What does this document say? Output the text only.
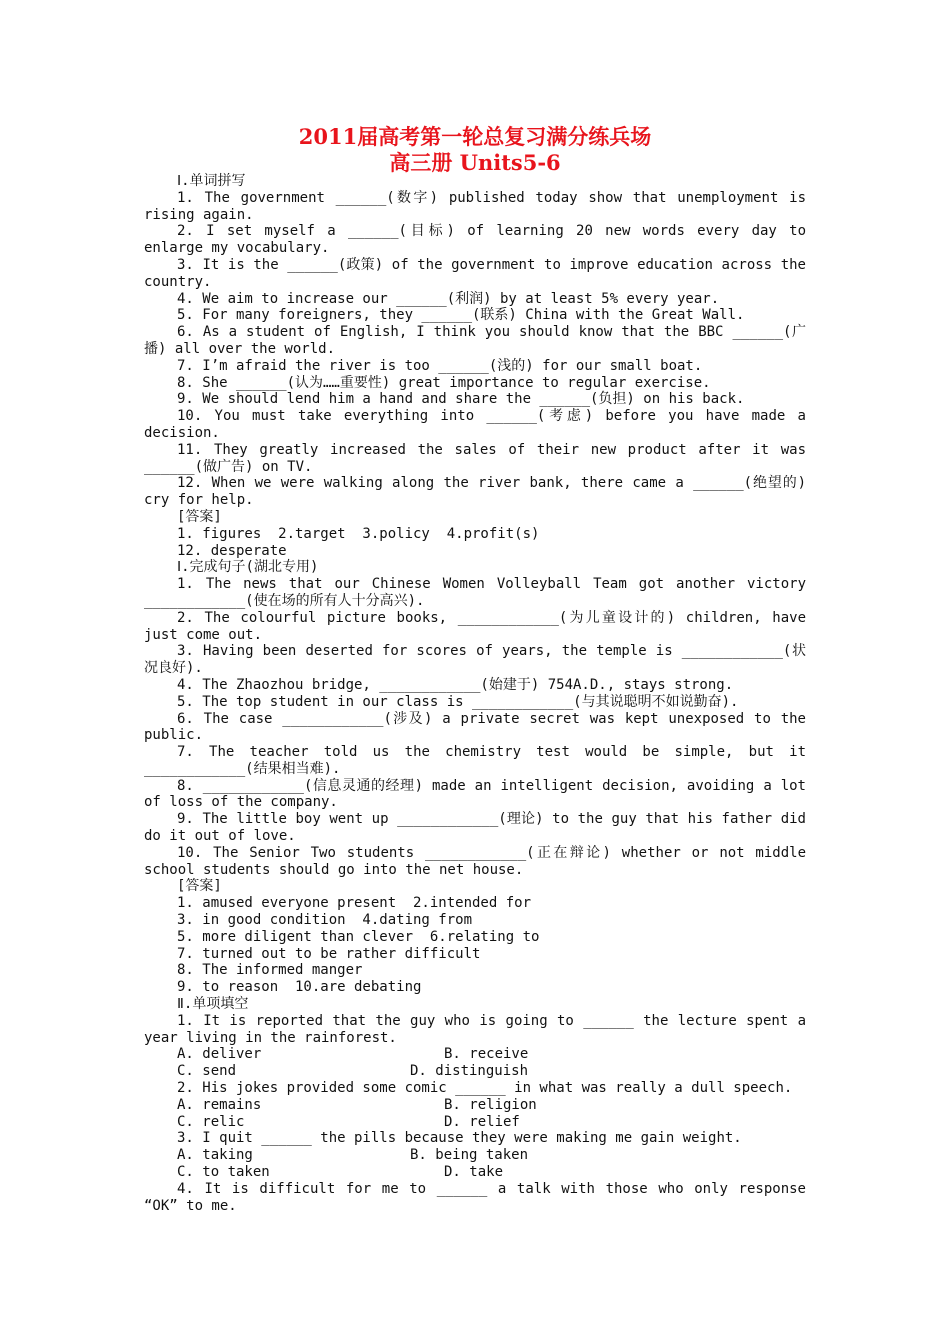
2011届高考第一轮总复习满分练兵场
高三册 Units5-6

Ⅰ.单词拼写

1. The government ______(数字) published today show that unemployment is rising again.

2. I set myself a ______(目标) of learning 20 new words every day to enlarge my vocabulary.

3. It is the ______(政策) of the government to improve education across the country.

4. We aim to increase our ______(利润) by at least 5% every year.

5. For many foreigners, they ______(联系) China with the Great Wall.

6. As a student of English, I think you should know that the BBC ______(广播) all over the world.

7. I’m afraid the river is too ______(浅的) for our small boat.

8. She ______(认为……重要性) great importance to regular exercise.

9. We should lend him a hand and share the ______(负担) on his back.

10. You must take everything into ______(考虑) before you have made a decision.

11. They greatly increased the sales of their new product after it was ______(做广告) on TV.

12. When we were walking along the river bank, there came a ______(绝望的) cry for help.

[答案]

1. figures  2.target  3.policy  4.profit(s)

12. desperate

Ⅰ.完成句子(湖北专用)

1. The news that our Chinese Women Volleyball Team got another victory ____________(使在场的所有人十分高兴).

2. The colourful picture books, ____________(为儿童设计的) children, have just come out.

3. Having been deserted for scores of years, the temple is ____________(状况良好).

4. The Zhaozhou bridge, ____________(始建于) 754A.D., stays strong.

5. The top student in our class is ____________(与其说聪明不如说勤奋).

6. The case ____________(涉及) a private secret was kept unexposed to the public.

7. The teacher told us the chemistry test would be simple, but it ____________(结果相当难).

8. ____________(信息灵通的经理) made an intelligent decision, avoiding a lot of loss of the company.

9. The little boy went up ____________(理论) to the guy that his father did do it out of love.

10. The Senior Two students ____________(正在辩论) whether or not middle school students should go into the net house.

[答案]

1. amused everyone present  2.intended for

3. in good condition  4.dating from

5. more diligent than clever  6.relating to

7. turned out to be rather difficult

8. The informed manger

9. to reason  10.are debating

Ⅱ.单项填空

1. It is reported that the guy who is going to ______ the lecture spent a year living in the rainforest.

A. deliver

	B. receive

C. send

	D. distinguish

2. His jokes provided some comic ______ in what was really a dull speech.

A. remains

	B. religion

C. relic

	D. relief

3. I quit ______ the pills because they were making me gain weight.

A. taking

	B. being taken

C. to taken

	D. take

4. It is difficult for me to ______ a talk with those who only response “OK” to me.
